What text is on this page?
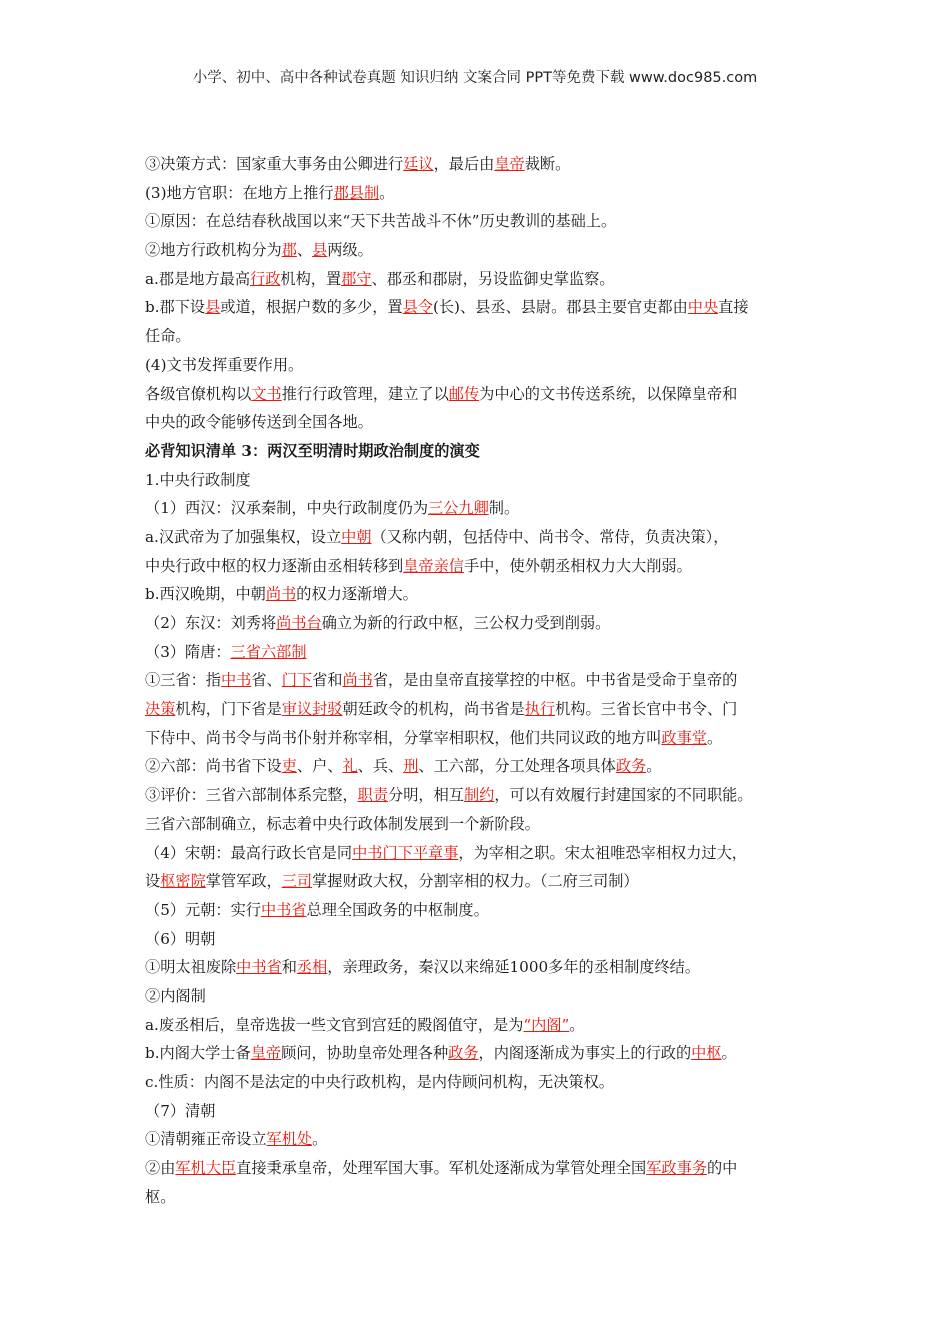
小学、初中、高中各种试卷真题 知识归纳 文案合同 PPT等免费下载 www.doc985.com
③决策方式：国家重大事务由公卿进行廷议，最后由皇帝裁断。
(3)地方官职：在地方上推行郡县制。
①原因：在总结春秋战国以来“天下共苦战斗不休”历史教训的基础上。
②地方行政机构分为郡、县两级。
a.郡是地方最高行政机构，置郡守、郡丞和郡尉，另设监御史掌监察。
b.郡下设县或道，根据户数的多少，置县令(长)、县丞、县尉。郡县主要官吏都由中央直接
任命。
(4)文书发挥重要作用。
各级官僚机构以文书推行行政管理，建立了以邮传为中心的文书传送系统，以保障皇帝和
中央的政令能够传送到全国各地。
必背知识清单 3：两汉至明清时期政治制度的演变
1.中央行政制度
（1）西汉：汉承秦制，中央行政制度仍为三公九卿制。
a.汉武帝为了加强集权，设立中朝（又称内朝，包括侍中、尚书令、常侍，负责决策），
中央行政中枢的权力逐渐由丞相转移到皇帝亲信手中，使外朝丞相权力大大削弱。
b.西汉晚期，中朝尚书的权力逐渐增大。
（2）东汉：刘秀将尚书台确立为新的行政中枢，三公权力受到削弱。
（3）隋唐：三省六部制
①三省：指中书省、门下省和尚书省，是由皇帝直接掌控的中枢。中书省是受命于皇帝的
决策机构，门下省是审议封驳朝廷政令的机构，尚书省是执行机构。三省长官中书令、门
下侍中、尚书令与尚书仆射并称宰相，分掌宰相职权，他们共同议政的地方叫政事堂。
②六部：尚书省下设吏、户、礼、兵、刑、工六部，分工处理各项具体政务。
③评价：三省六部制体系完整，职责分明，相互制约，可以有效履行封建国家的不同职能。
三省六部制确立，标志着中央行政体制发展到一个新阶段。
（4）宋朝：最高行政长官是同中书门下平章事，为宰相之职。宋太祖唯恐宰相权力过大，
设枢密院掌管军政，三司掌握财政大权，分割宰相的权力。（二府三司制）
（5）元朝：实行中书省总理全国政务的中枢制度。
（6）明朝
①明太祖废除中书省和丞相，亲理政务，秦汉以来绵延1000多年的丞相制度终结。
②内阁制
a.废丞相后，皇帝选拔一些文官到宫廷的殿阁值守，是为“内阁”。
b.内阁大学士备皇帝顾问，协助皇帝处理各种政务，内阁逐渐成为事实上的行政的中枢。
c.性质：内阁不是法定的中央行政机构，是内侍顾问机构，无决策权。
（7）清朝
①清朝雍正帝设立军机处。
②由军机大臣直接秉承皇帝，处理军国大事。军机处逐渐成为掌管处理全国军政事务的中
枢。
